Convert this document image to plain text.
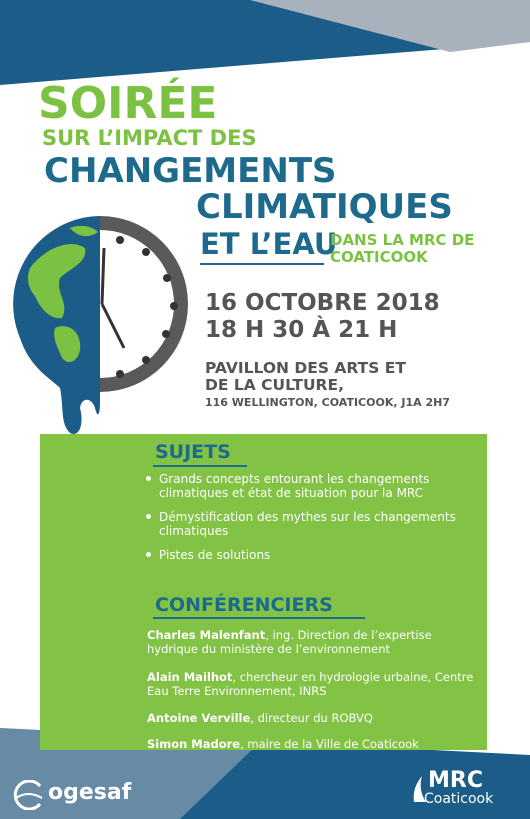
SOIRÉE
SUR L’IMPACT DES
CHANGEMENTS
CLIMATIQUES
ET L’EAU
DANS LA MRC DE
COATICOOK
16 OCTOBRE 2018
18 H 30 À 21 H
PAVILLON DES ARTS ET
DE LA CULTURE,
116 WELLINGTON, COATICOOK, J1A 2H7
SUJETS
Grands concepts entourant les changements climatiques et état de situation pour la MRC
Démystification des mythes sur les changements climatiques
Pistes de solutions
CONFÉRENCIERS
Charles Malenfant, ing. Direction de l’expertise hydrique du ministère de l’environnement
Alain Mailhot, chercheur en hydrologie urbaine, Centre Eau Terre Environnement, INRS
Antoine Verville, directeur du ROBVQ
Simon Madore, maire de la Ville de Coaticook
ogesaf	MRC
Coaticook
